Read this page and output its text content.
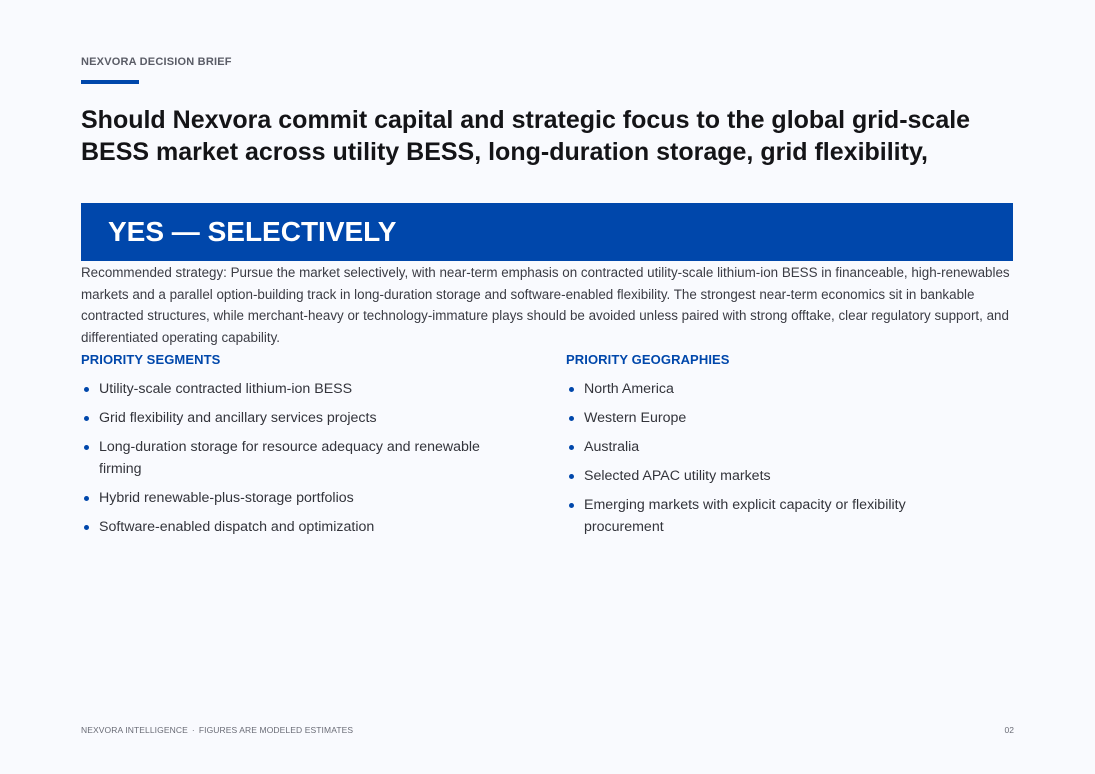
NEXVORA DECISION BRIEF
Should Nexvora commit capital and strategic focus to the global grid-scale BESS market across utility BESS, long-duration storage, grid flexibility,
YES — SELECTIVELY

Recommended strategy: Pursue the market selectively, with near-term emphasis on contracted utility-scale lithium-ion BESS in financeable, high-renewables markets and a parallel option-building track in long-duration storage and software-enabled flexibility. The strongest near-term economics sit in bankable contracted structures, while merchant-heavy or technology-immature plays should be avoided unless paired with strong offtake, clear regulatory support, and differentiated operating capability.

PRIORITY SEGMENTS
Utility-scale contracted lithium-ion BESS
Grid flexibility and ancillary services projects
Long-duration storage for resource adequacy and renewable firming
Hybrid renewable-plus-storage portfolios
Software-enabled dispatch and optimization
PRIORITY GEOGRAPHIES
North America
Western Europe
Australia
Selected APAC utility markets
Emerging markets with explicit capacity or flexibility procurement
NEXVORA INTELLIGENCE · FIGURES ARE MODELED ESTIMATES	02
